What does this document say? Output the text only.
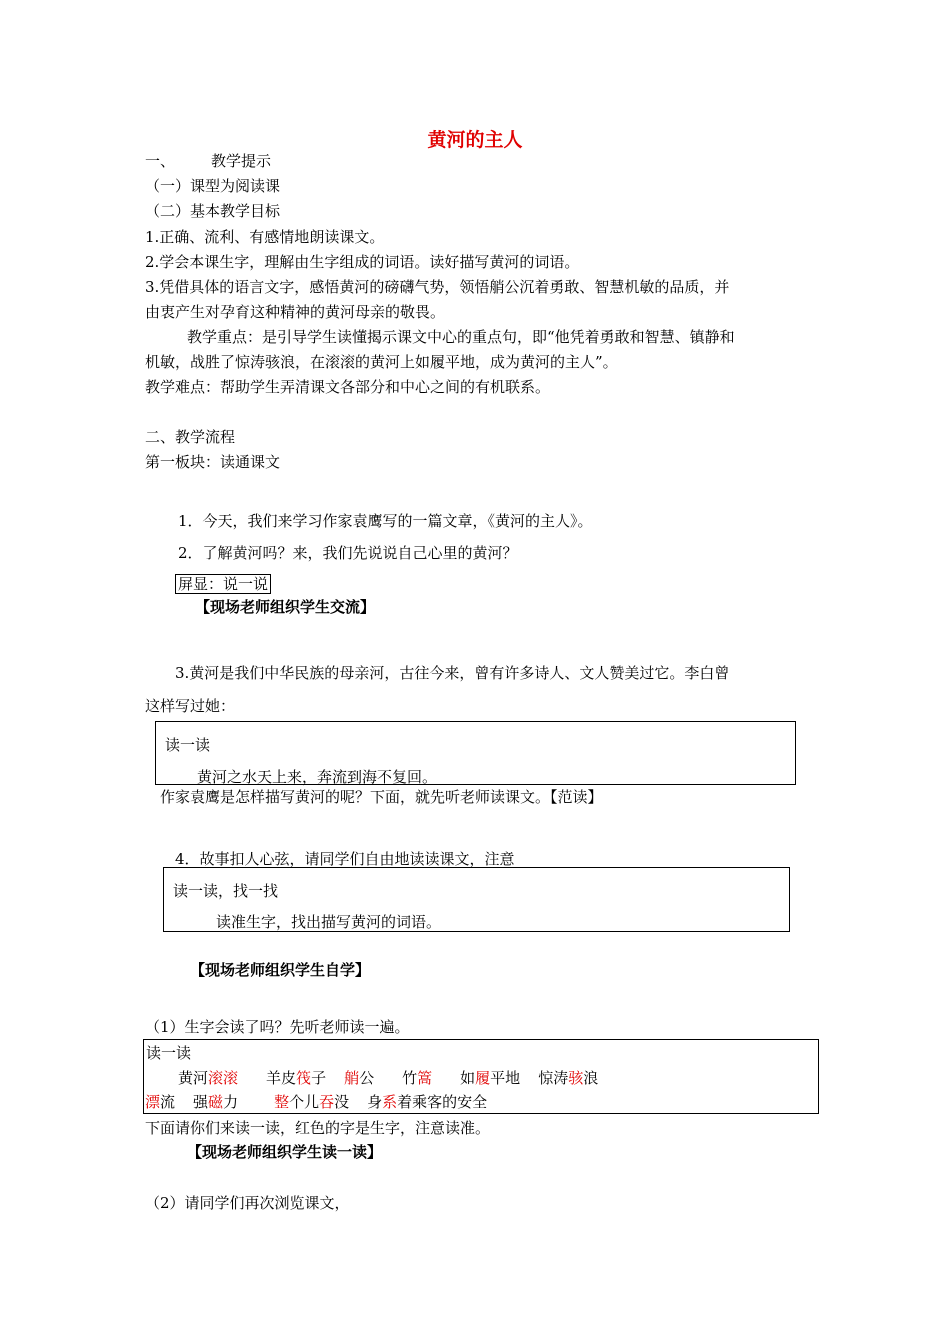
黄河的主人
一、 教学提示
（一）课型为阅读课
（二）基本教学目标
1.正确、流利、有感情地朗读课文。
2.学会本课生字，理解由生字组成的词语。读好描写黄河的词语。
3.凭借具体的语言文字，感悟黄河的磅礴气势，领悟艄公沉着勇敢、智慧机敏的品质，并
由衷产生对孕育这种精神的黄河母亲的敬畏。
教学重点：是引导学生读懂揭示课文中心的重点句，即“他凭着勇敢和智慧、镇静和
机敏，战胜了惊涛骇浪，在滚滚的黄河上如履平地，成为黄河的主人”。
教学难点：帮助学生弄清课文各部分和中心之间的有机联系。
二、教学流程
第一板块：读通课文
1．今天，我们来学习作家袁鹰写的一篇文章，《黄河的主人》。
2．了解黄河吗？来，我们先说说自己心里的黄河？
屏显：说一说
【现场老师组织学生交流】
3.黄河是我们中华民族的母亲河，古往今来，曾有许多诗人、文人赞美过它。李白曾
这样写过她：
读一读
黄河之水天上来，奔流到海不复回。
作家袁鹰是怎样描写黄河的呢？下面，就先听老师读课文。【范读】
4．故事扣人心弦，请同学们自由地读读课文，注意
读一读，找一找
读准生字，找出描写黄河的词语。
【现场老师组织学生自学】
（1）生字会读了吗？先听老师读一遍。
读一读
黄河滚滚 羊皮筏子 艄公 竹篙 如履平地 惊涛骇浪
漂流 强磁力 整个儿吞没 身系着乘客的安全
下面请你们来读一读，红色的字是生字，注意读准。
【现场老师组织学生读一读】
（2）请同学们再次浏览课文，
